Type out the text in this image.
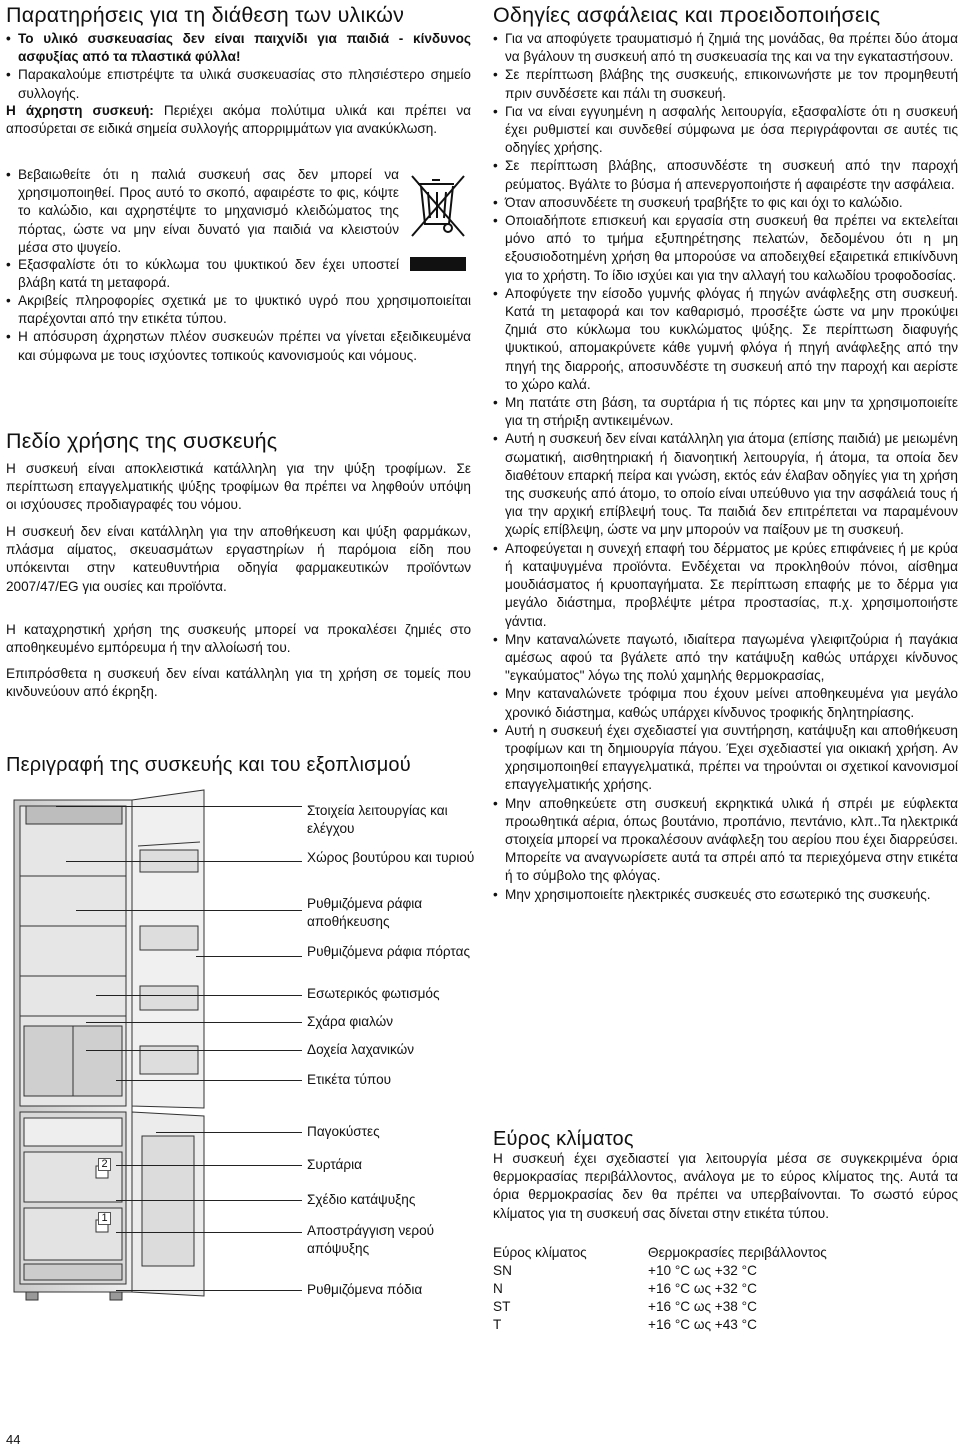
Παρατηρήσεις για τη διάθεση των υλικών
• Το υλικό συσκευασίας δεν είναι παιχνίδι για παιδιά - κίνδυνος ασφυξίας από τα πλαστικά φύλλα!
• Παρακαλούμε επιστρέψτε τα υλικά συσκευασίας στο πλησιέστερο σημείο συλλογής.

Η άχρηστη συσκευή: Περιέχει ακόμα πολύτιμα υλικά και πρέπει να αποσύρεται σε ειδικά σημεία συλλογής απορριμμάτων για ανακύκλωση.

• Βεβαιωθείτε ότι η παλιά συσκευή σας δεν μπορεί να χρησιμοποιηθεί. Προς αυτό το σκοπό, αφαιρέστε το φις, κόψτε το καλώδιο, και αχρηστέψτε το μηχανισμό κλειδώματος της πόρτας, ώστε να μην είναι δυνατό για παιδιά να κλειστούν μέσα στο ψυγείο.
• Εξασφαλίστε ότι το κύκλωμα του ψυκτικού δεν έχει υποστεί βλάβη κατά τη μεταφορά.
• Ακριβείς πληροφορίες σχετικά με το ψυκτικό υγρό που χρησιμοποιείται παρέχονται από την ετικέτα τύπου.
• Η απόσυρση άχρηστων πλέον συσκευών πρέπει να γίνεται εξειδικευμένα και σύμφωνα με τους ισχύοντες τοπικούς κανονισμούς και νόμους.
Πεδίο χρήσης της συσκευής

Η συσκευή είναι αποκλειστικά κατάλληλη για την ψύξη τροφίμων. Σε περίπτωση επαγγελματικής ψύξης τροφίμων θα πρέπει να ληφθούν υπόψη οι ισχύουσες προδιαγραφές του νόμου.

Η συσκευή δεν είναι κατάλληλη για την αποθήκευση και ψύξη φαρμάκων, πλάσμα αίματος, σκευασμάτων εργαστηρίων ή παρόμοια είδη που υπόκεινται στην κατευθυντήρια οδηγία φαρμακευτικών προϊόντων 2007/47/EG για ουσίες και προϊόντα.

Η καταχρηστική χρήση της συσκευής μπορεί να προκαλέσει ζημιές στο αποθηκευμένο εμπόρευμα ή την αλλοίωσή του.

Επιπρόσθετα η συσκευή δεν είναι κατάλληλη για τη χρήση σε τομείς που κινδυνεύουν από έκρηξη.

Περιγραφή της συσκευής και του εξοπλισμού
2
1
Στοιχεία λειτουργίας και ελέγχου
Χώρος βουτύρου και τυριού
Ρυθμιζόμενα ράφια αποθήκευσης
Ρυθμιζόμενα ράφια πόρτας
Εσωτερικός φωτισμός
Σχάρα φιαλών
Δοχεία λαχανικών
Ετικέτα τύπου
Παγοκύστες
Συρτάρια
Σχέδιο κατάψυξης
Αποστράγγιση νερού απόψυξης
Ρυθμιζόμενα πόδια
Οδηγίες ασφάλειας και προειδοποιήσεις
• Για να αποφύγετε τραυματισμό ή ζημιά της μονάδας, θα πρέπει δύο άτομα να βγάλουν τη συσκευή από τη συσκευασία της και να την εγκαταστήσουν.
• Σε περίπτωση βλάβης της συσκευής, επικοινωνήστε με τον προμηθευτή πριν συνδέσετε και πάλι τη συσκευή.
• Για να είναι εγγυημένη η ασφαλής λειτουργία, εξασφαλίστε ότι η συσκευή έχει ρυθμιστεί και συνδεθεί σύμφωνα με όσα περιγράφονται σε αυτές τις οδηγίες χρήσης.
• Σε περίπτωση βλάβης, αποσυνδέστε τη συσκευή από την παροχή ρεύματος. Βγάλτε το βύσμα ή απενεργοποιήστε ή αφαιρέστε την ασφάλεια.
• Όταν αποσυνδέετε τη συσκευή τραβήξτε το φις και όχι το καλώδιο.
• Οποιαδήποτε επισκευή και εργασία στη συσκευή θα πρέπει να εκτελείται μόνο από το τμήμα εξυπηρέτησης πελατών, δεδομένου ότι η μη εξουσιοδοτημένη χρήση θα μπορούσε να αποδειχθεί εξαιρετικά επικίνδυνη για το χρήστη. Το ίδιο ισχύει και για την αλλαγή του καλωδίου τροφοδοσίας.
• Αποφύγετε την είσοδο γυμνής φλόγας ή πηγών ανάφλεξης στη συσκευή. Κατά τη μεταφορά και τον καθαρισμό, προσέξτε ώστε να μην προκύψει ζημιά στο κύκλωμα του κυκλώματος ψύξης. Σε περίπτωση διαφυγής ψυκτικού, απομακρύνετε κάθε γυμνή φλόγα ή πηγή ανάφλεξης από την πηγή της διαρροής, αποσυνδέστε τη συσκευή από την παροχή και αερίστε το χώρο καλά.
• Μη πατάτε στη βάση, τα συρτάρια ή τις πόρτες και μην τα χρησιμοποιείτε για τη στήριξη αντικειμένων.
• Αυτή η συσκευή δεν είναι κατάλληλη για άτομα (επίσης παιδιά) με μειωμένη σωματική, αισθητηριακή ή διανοητική λειτουργία, ή άτομα, τα οποία δεν διαθέτουν επαρκή πείρα και γνώση, εκτός εάν έλαβαν οδηγίες για τη χρήση της συσκευής από άτομο, το οποίο είναι υπεύθυνο για την ασφάλειά τους ή για την αρχική επίβλεψή τους. Τα παιδιά δεν επιτρέπεται να παραμένουν χωρίς επίβλεψη, ώστε να μην μπορούν να παίξουν με τη συσκευή.
• Αποφεύγεται η συνεχή επαφή του δέρματος με κρύες επιφάνειες ή με κρύα ή καταψυγμένα προϊόντα. Ενδέχεται να προκληθούν πόνοι, αίσθημα μουδιάσματος ή κρυοπαγήματα. Σε περίπτωση επαφής με το δέρμα για μεγάλο διάστημα, προβλέψτε μέτρα προστασίας, π.χ. χρησιμοποιήστε γάντια.
• Μην καταναλώνετε παγωτό, ιδιαίτερα παγωμένα γλειφιτζούρια ή παγάκια αμέσως αφού τα βγάλετε από την κατάψυξη καθώς υπάρχει κίνδυνος "εγκαύματος" λόγω της πολύ χαμηλής θερμοκρασίας,
• Μην καταναλώνετε τρόφιμα που έχουν μείνει αποθηκευμένα για μεγάλο χρονικό διάστημα, καθώς υπάρχει κίνδυνος τροφικής δηλητηρίασης.
• Αυτή η συσκευή έχει σχεδιαστεί για συντήρηση, κατάψυξη και αποθήκευση τροφίμων και τη δημιουργία πάγου. Έχει σχεδιαστεί για οικιακή χρήση. Αν χρησιμοποιηθεί επαγγελματικά, πρέπει να τηρούνται οι σχετικοί κανονισμοί επαγγελματικής χρήσης.
• Μην αποθηκεύετε στη συσκευή εκρηκτικά υλικά ή σπρέι με εύφλεκτα προωθητικά αέρια, όπως βουτάνιο, προπάνιο, πεντάνιο, κλπ..Τα ηλεκτρικά στοιχεία μπορεί να προκαλέσουν ανάφλεξη του αερίου που έχει διαρρεύσει. Μπορείτε να αναγνωρίσετε αυτά τα σπρέι από τα περιεχόμενα στην ετικέτα ή το σύμβολο της φλόγας.
• Μην χρησιμοποιείτε ηλεκτρικές συσκευές στο εσωτερικό της συσκευής.
Εύρος κλίματος

Η συσκευή έχει σχεδιαστεί για λειτουργία μέσα σε συγκεκριμένα όρια θερμοκρασίας περιβάλλοντος, ανάλογα με το εύρος κλίματος της. Αυτά τα όρια θερμοκρασίας δεν θα πρέπει να υπερβαίνονται. Το σωστό εύρος κλίματος για τη συσκευή σας δίνεται στην ετικέτα τύπου.

Εύρος κλίματος	Θερμοκρασίες περιβάλλοντος
SN	+10 °C ως +32 °C
N	+16 °C ως +32 °C
ST	+16 °C ως +38 °C
T	+16 °C ως +43 °C
44
